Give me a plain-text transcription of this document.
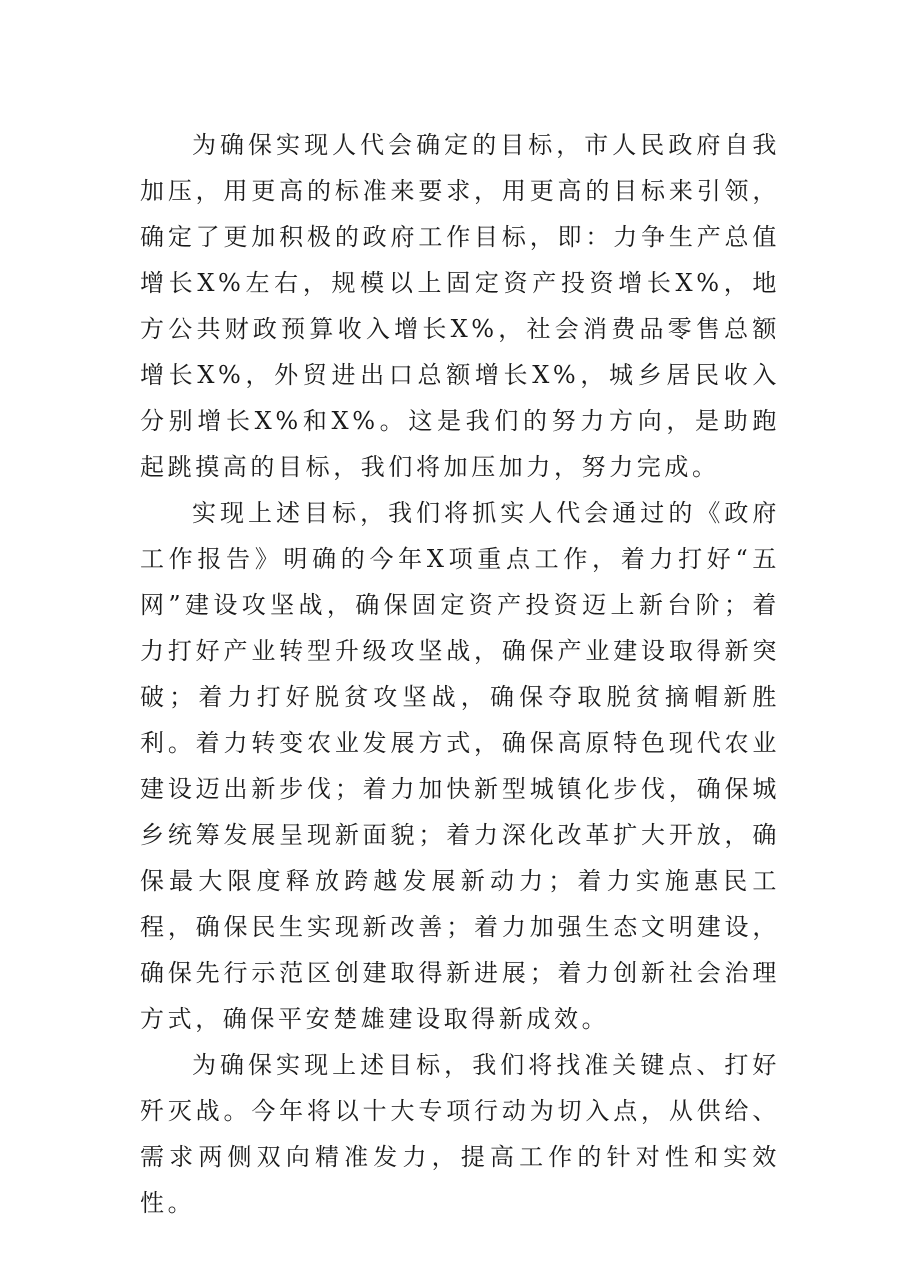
为确保实现人代会确定的目标，市人民政府自我加压，用更高的标准来要求，用更高的目标来引领，确定了更加积极的政府工作目标，即：力争生产总值增长X%左右，规模以上固定资产投资增长X%，地方公共财政预算收入增长X%，社会消费品零售总额增长X%，外贸进出口总额增长X%，城乡居民收入分别增长X%和X%。这是我们的努力方向，是助跑起跳摸高的目标，我们将加压加力，努力完成。

实现上述目标，我们将抓实人代会通过的《政府工作报告》明确的今年X项重点工作，着力打好“五网”建设攻坚战，确保固定资产投资迈上新台阶；着力打好产业转型升级攻坚战，确保产业建设取得新突破；着力打好脱贫攻坚战，确保夺取脱贫摘帽新胜利。着力转变农业发展方式，确保高原特色现代农业建设迈出新步伐；着力加快新型城镇化步伐，确保城乡统筹发展呈现新面貌；着力深化改革扩大开放，确保最大限度释放跨越发展新动力；着力实施惠民工程，确保民生实现新改善；着力加强生态文明建设，确保先行示范区创建取得新进展；着力创新社会治理方式，确保平安楚雄建设取得新成效。

为确保实现上述目标，我们将找准关键点、打好歼灭战。今年将以十大专项行动为切入点，从供给、需求两侧双向精准发力，提高工作的针对性和实效性。
